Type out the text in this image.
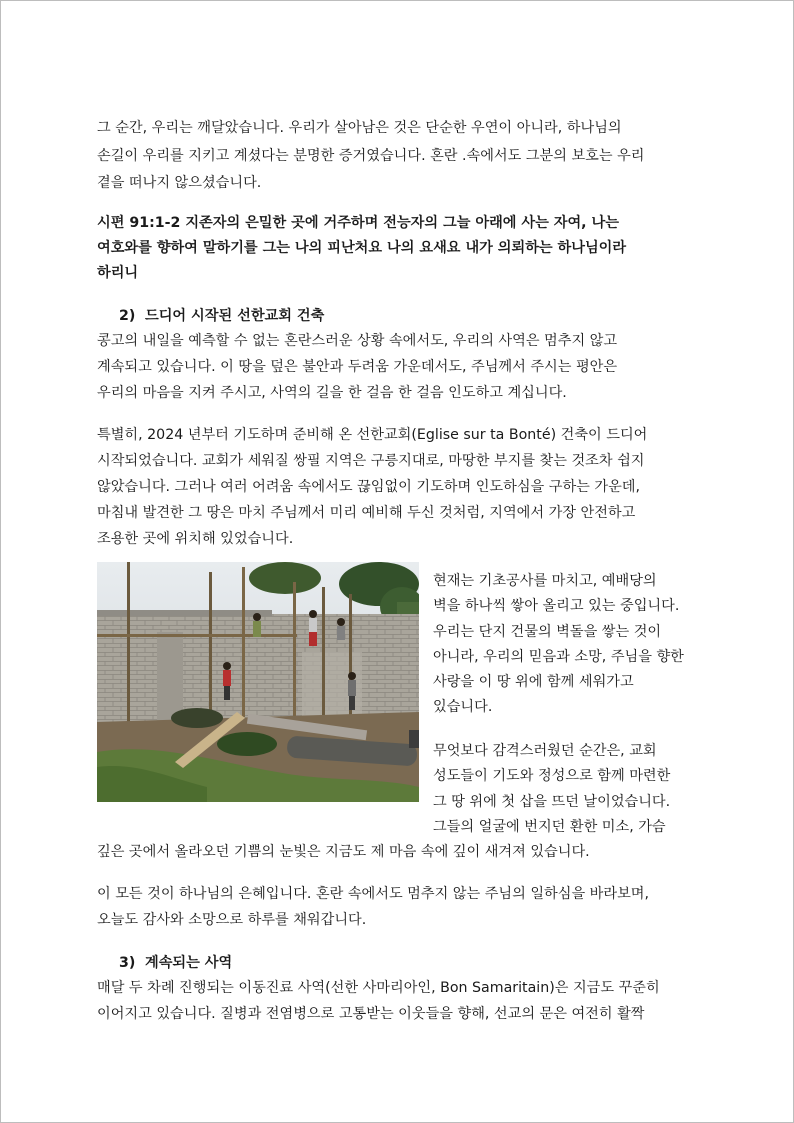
그 순간, 우리는 깨달았습니다. 우리가 살아남은 것은 단순한 우연이 아니라, 하나님의
손길이 우리를 지키고 계셨다는 분명한 증거였습니다. 혼란 .속에서도 그분의 보호는 우리
곁을 떠나지 않으셨습니다.
시편 91:1-2 지존자의 은밀한 곳에 거주하며 전능자의 그늘 아래에 사는 자여, 나는
여호와를 향하여 말하기를 그는 나의 피난처요 나의 요새요 내가 의뢰하는 하나님이라
하리니
2) 드디어 시작된 선한교회 건축
콩고의 내일을 예측할 수 없는 혼란스러운 상황 속에서도, 우리의 사역은 멈추지 않고
계속되고 있습니다. 이 땅을 덮은 불안과 두려움 가운데서도, 주님께서 주시는 평안은
우리의 마음을 지켜 주시고, 사역의 길을 한 걸음 한 걸음 인도하고 계십니다.
특별히, 2024 년부터 기도하며 준비해 온 선한교회(Eglise sur ta Bonté) 건축이 드디어
시작되었습니다. 교회가 세워질 쌍필 지역은 구릉지대로, 마땅한 부지를 찾는 것조차 쉽지
않았습니다. 그러나 여러 어려움 속에서도 끊임없이 기도하며 인도하심을 구하는 가운데,
마침내 발견한 그 땅은 마치 주님께서 미리 예비해 두신 것처럼, 지역에서 가장 안전하고
조용한 곳에 위치해 있었습니다.
현재는 기초공사를 마치고, 예배당의
벽을 하나씩 쌓아 올리고 있는 중입니다.
우리는 단지 건물의 벽돌을 쌓는 것이
아니라, 우리의 믿음과 소망, 주님을 향한
사랑을 이 땅 위에 함께 세워가고
있습니다.
무엇보다 감격스러웠던 순간은, 교회
성도들이 기도와 정성으로 함께 마련한
그 땅 위에 첫 삽을 뜨던 날이었습니다.
그들의 얼굴에 번지던 환한 미소, 가슴
깊은 곳에서 올라오던 기쁨의 눈빛은 지금도 제 마음 속에 깊이 새겨져 있습니다.
이 모든 것이 하나님의 은혜입니다. 혼란 속에서도 멈추지 않는 주님의 일하심을 바라보며,
오늘도 감사와 소망으로 하루를 채워갑니다.
3) 계속되는 사역
매달 두 차례 진행되는 이동진료 사역(선한 사마리아인, Bon Samaritain)은 지금도 꾸준히
이어지고 있습니다. 질병과 전염병으로 고통받는 이웃들을 향해, 선교의 문은 여전히 활짝
